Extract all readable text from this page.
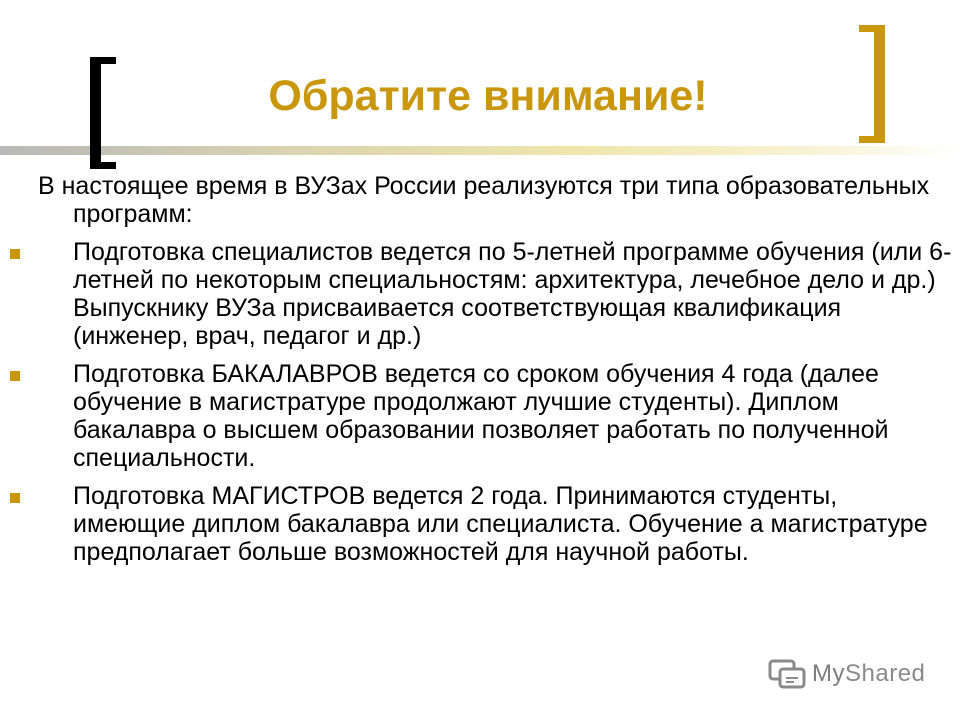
Обратите внимание!

В настоящее время в ВУЗах России реализуются три типа образовательных программ:

Подготовка специалистов ведется по 5-летней программе обучения (или 6-летней по некоторым специальностям: архитектура, лечебное дело и др.) Выпускнику ВУЗа присваивается соответствующая квалификация (инженер, врач, педагог и др.)
Подготовка БАКАЛАВРОВ ведется со сроком обучения 4 года (далее обучение в магистратуре продолжают лучшие студенты). Диплом бакалавра о высшем образовании позволяет работать по полученной специальности.
Подготовка МАГИСТРОВ ведется 2 года. Принимаются студенты, имеющие диплом бакалавра или специалиста. Обучение а магистратуре предполагает больше возможностей для научной работы.
MyShared
